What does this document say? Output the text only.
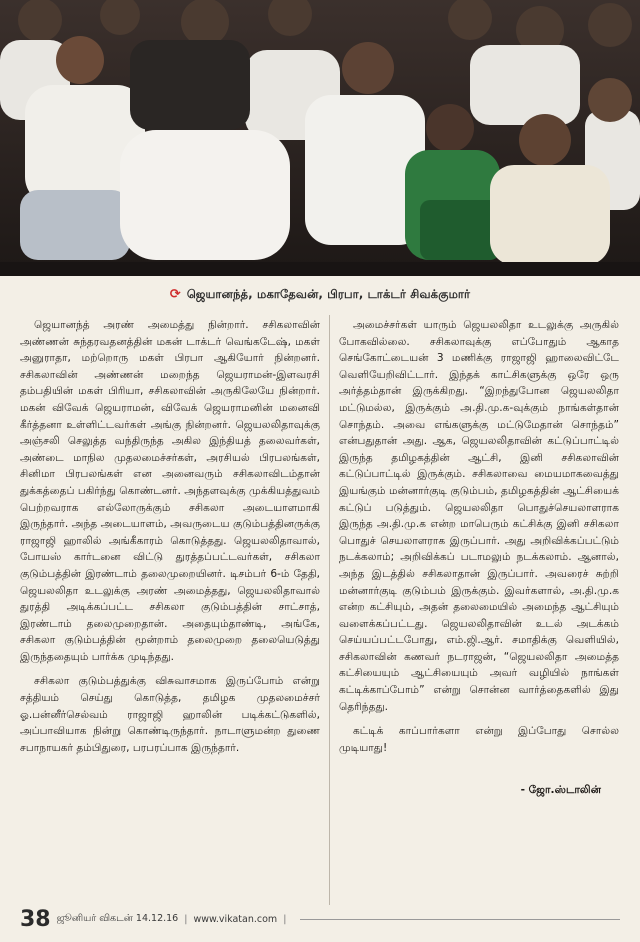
⟳ ஜெயானந்த், மகாதேவன், பிரபா, டாக்டர் சிவக்குமார்

ஜெயானந்த் அரண் அமைத்து நின்றார். சசிகலாவின் அண்ணன் சுந்தரவதனத்தின் மகன் டாக்டர் வெங்கடேஷ், மகள் அனுராதா, மற்றொரு மகள் பிரபா ஆகியோர் நின்றனர். சசிகலாவின் அண்ணன் மறைந்த ஜெயராமன்-இளவரசி தம்பதியின் மகள் பிரியா, சசிகலாவின் அருகிலேயே நின்றார். மகன் விவேக் ஜெயராமன், விவேக் ஜெயராமனின் மனைவி கீர்த்தனா உள்ளிட்டவர்கள் அங்கு நின்றனர். ஜெயலலிதாவுக்கு அஞ்சலி செலுத்த வந்திருந்த அகில இந்தியத் தலைவர்கள், அண்டை மாநில முதலமைச்சர்கள், அரசியல் பிரபலங்கள், சினிமா பிரபலங்கள் என அனைவரும் சசிகலாவிடம்தான் துக்கத்தைப் பகிர்ந்து கொண்டனர். அந்தளவுக்கு முக்கியத்துவம் பெற்றவராக எல்லோருக்கும் சசிகலா அடையாளமாகி இருந்தார். அந்த அடையாளம், அவருடைய குடும்பத்தினருக்கு ராஜாஜி ஹாலில் அங்கீகாரம் கொடுத்தது. ஜெயலலிதாவால், போயஸ் கார்டனை விட்டு துரத்தப்பட்டவர்கள், சசிகலா குடும்பத்தின் இரண்டாம் தலைமுறையினர். டிசம்பர் 6-ம் தேதி, ஜெயலலிதா உடலுக்கு அரண் அமைத்தது, ஜெயலலிதாவால் துரத்தி அடிக்கப்பட்ட சசிகலா குடும்பத்தின் சாட்சாத், இரண்டாம் தலைமுறைதான். அதையும்தாண்டி, அங்கே, சசிகலா குடும்பத்தின் மூன்றாம் தலைமுறை தலையெடுத்து இருந்ததையும் பார்க்க முடிந்தது.

சசிகலா குடும்பத்துக்கு விசுவாசமாக இருப்போம் என்று சத்தியம் செய்து கொடுத்த, தமிழக முதலமைச்சர் ஓ.பன்னீர்செல்வம் ராஜாஜி ஹாலின் படிக்கட்டுகளில், அப்பாவியாக நின்று கொண்டிருந்தார். நாடாளுமன்ற துணை சபாநாயகர் தம்பிதுரை, பரபரப்பாக இருந்தார்.

அமைச்சர்கள் யாரும் ஜெயலலிதா உடலுக்கு அருகில் போகவில்லை. சசிகலாவுக்கு எப்போதும் ஆகாத செங்கோட்டையன் 3 மணிக்கு ராஜாஜி ஹாலைவிட்டே வெளியேறிவிட்டார். இந்தக் காட்சிகளுக்கு ஒரே ஒரு அர்த்தம்தான் இருக்கிறது. “இறந்துபோன ஜெயலலிதா மட்டுமல்ல, இருக்கும் அ.தி.மு.க-வுக்கும் நாங்கள்தான் சொந்தம். அவை எங்களுக்கு மட்டுமேதான் சொந்தம்” என்பதுதான் அது. ஆக, ஜெயலலிதாவின் கட்டுப்பாட்டில் இருந்த தமிழகத்தின் ஆட்சி, இனி சசிகலாவின் கட்டுப்பாட்டில் இருக்கும். சசிகலாவை மையமாகவைத்து இயங்கும் மன்னார்குடி குடும்பம், தமிழகத்தின் ஆட்சியைக் கட்டுப் படுத்தும். ஜெயலலிதா பொதுச்செயலாளராக இருந்த அ.தி.மு.க என்ற மாபெரும் கட்சிக்கு இனி சசிகலா பொதுச் செயலாளராக இருப்பார். அது அறிவிக்கப்பட்டும் நடக்கலாம்; அறிவிக்கப் படாமலும் நடக்கலாம். ஆனால், அந்த இடத்தில் சசிகலாதான் இருப்பார். அவரைச் சுற்றி மன்னார்குடி குடும்பம் இருக்கும். இவர்களால், அ.தி.மு.க என்ற கட்சியும், அதன் தலைமையில் அமைந்த ஆட்சியும் வளைக்கப்பட்டது. ஜெயலலிதாவின் உடல் அடக்கம் செய்யப்பட்டபோது, எம்.ஜி.ஆர். சமாதிக்கு வெளியில், சசிகலாவின் கணவர் நடராஜன், “ஜெயலலிதா அமைத்த கட்சியையும் ஆட்சியையும் அவர் வழியில் நாங்கள் கட்டிக்காப்போம்” என்று சொன்ன வார்த்தைகளில் இது தெரிந்தது.

கட்டிக் காப்பார்களா என்று இப்போது சொல்ல முடியாது!

- ஜோ.ஸ்டாலின்
38 ஜூனியர் விகடன் 14.12.16 | www.vikatan.com |
